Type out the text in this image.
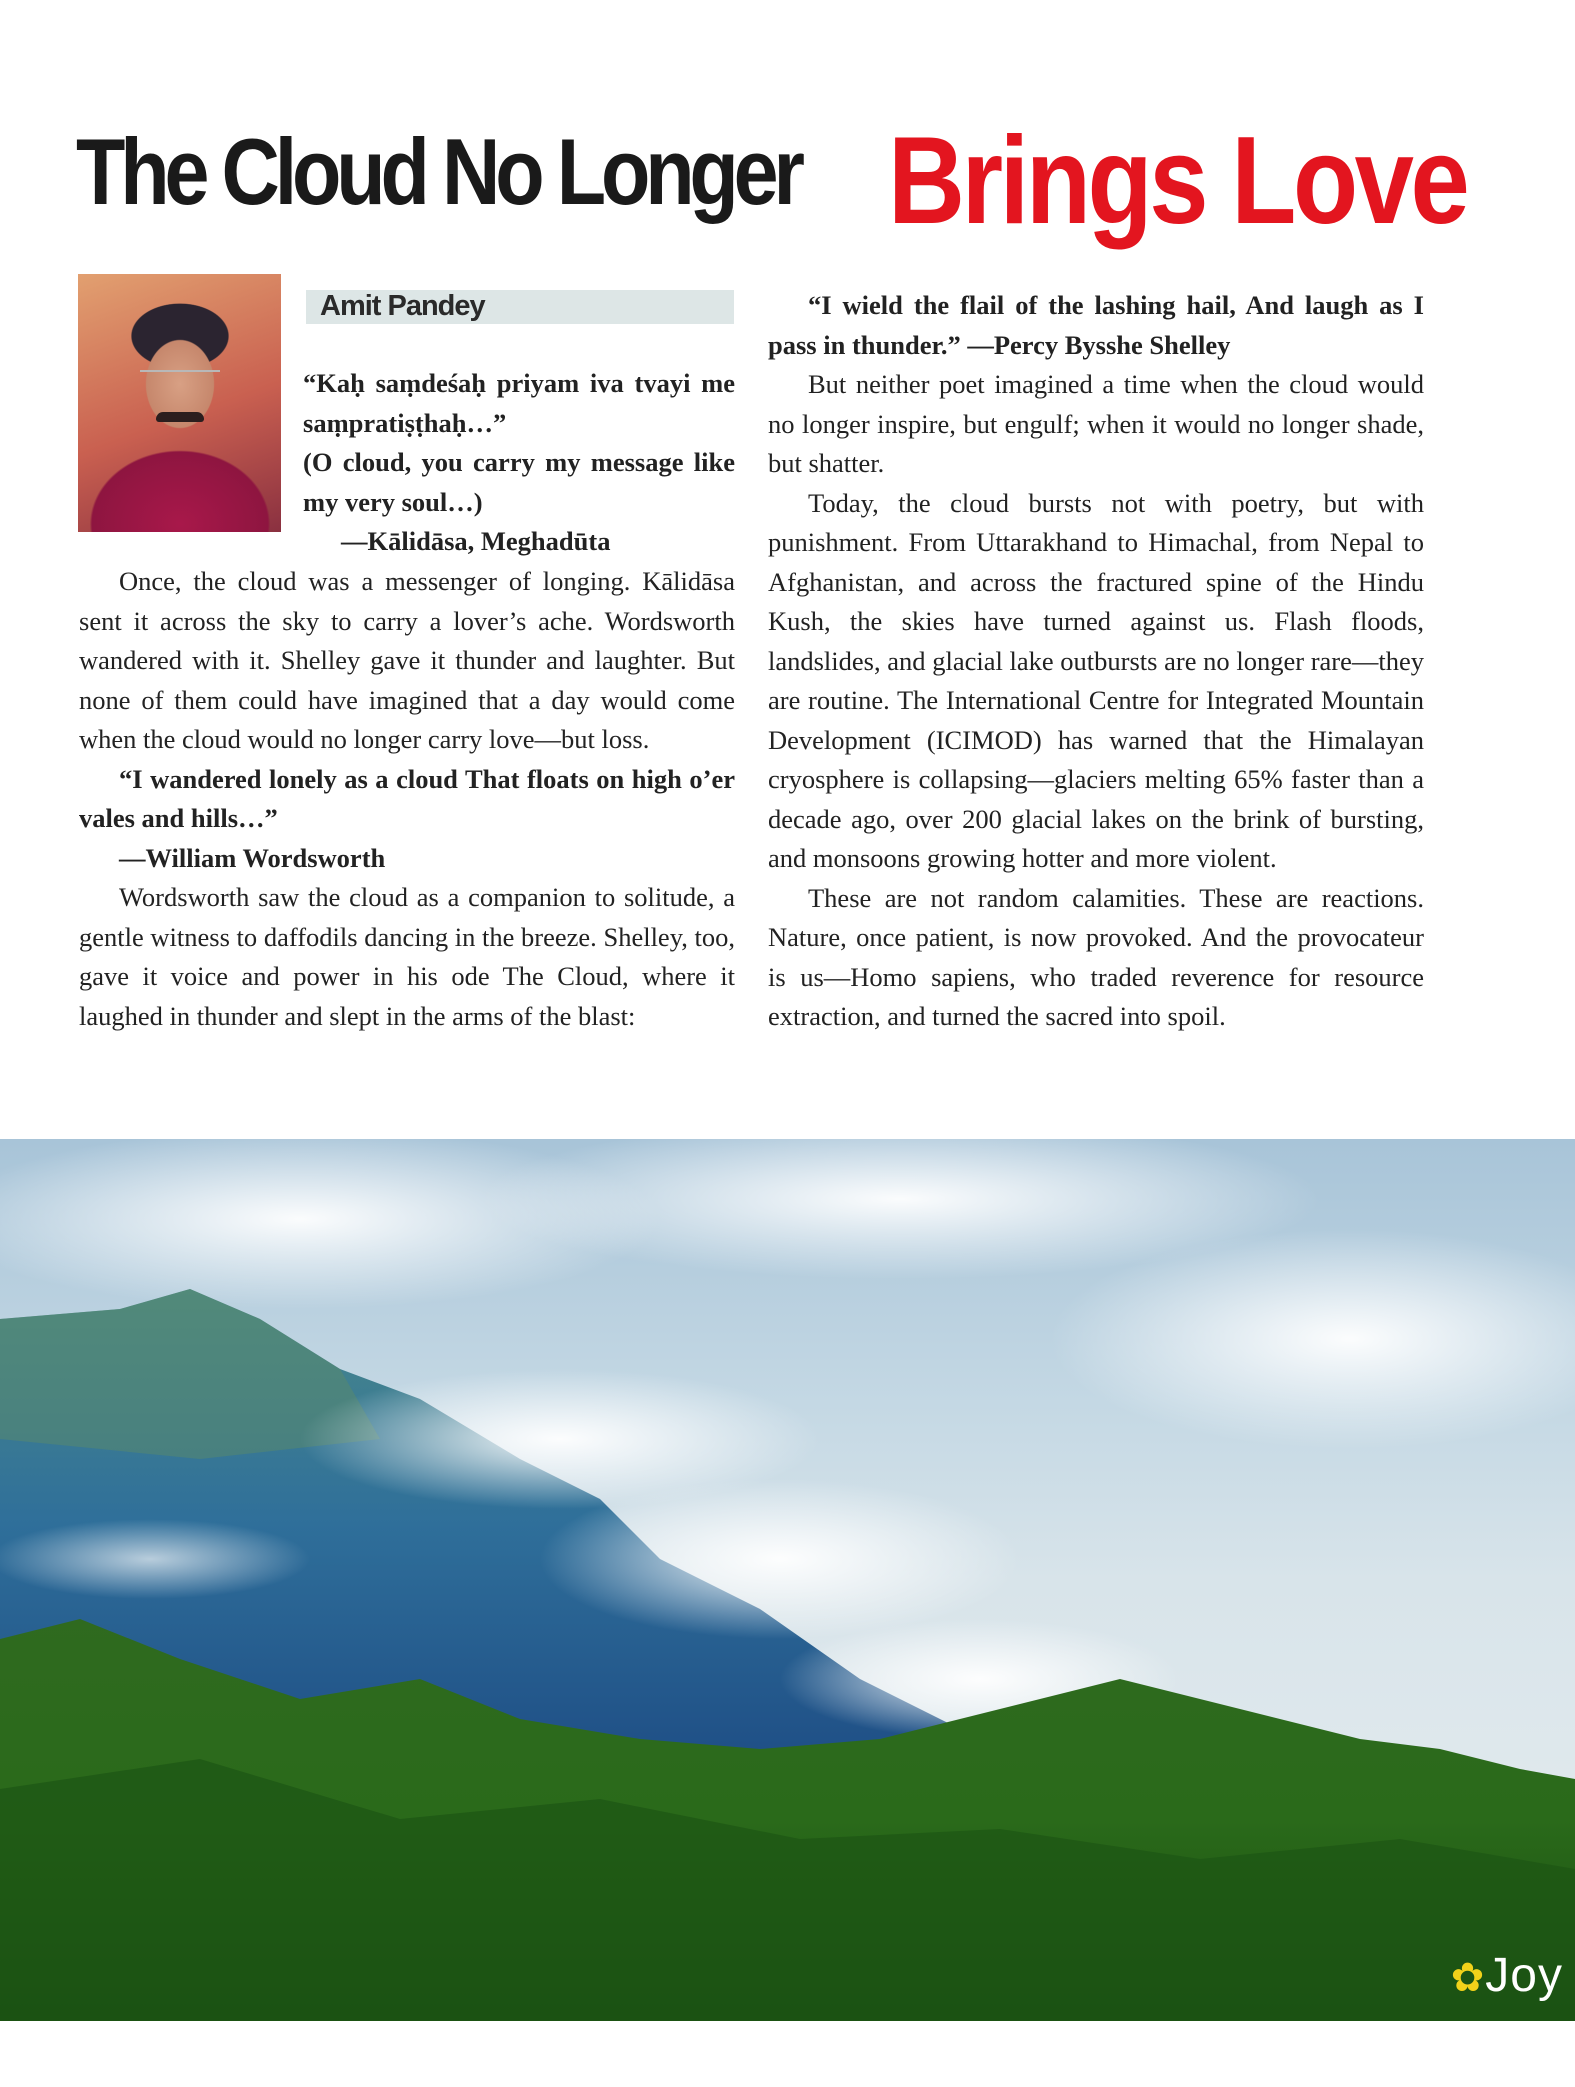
The Cloud No Longer Brings Love
Amit Pandey

“Kaḥ saṃdeśaḥ priyam iva tvayi me saṃpratiṣṭhaḥ…”

(O cloud, you carry my message like my very soul…)

—Kālidāsa, Meghadūta

Once, the cloud was a messenger of longing. Kālidāsa sent it across the sky to carry a lover’s ache. Wordsworth wandered with it. Shelley gave it thunder and laughter. But none of them could have imagined that a day would come when the cloud would no longer carry love—but loss.

“I wandered lonely as a cloud That floats on high o’er vales and hills…”

—William Wordsworth

Wordsworth saw the cloud as a companion to solitude, a gentle witness to daffodils dancing in the breeze. Shelley, too, gave it voice and power in his ode The Cloud, where it laughed in thunder and slept in the arms of the blast:

“I wield the flail of the lashing hail, And laugh as I pass in thunder.” —Percy Bysshe Shelley

But neither poet imagined a time when the cloud would no longer inspire, but engulf; when it would no longer shade, but shatter.

Today, the cloud bursts not with poetry, but with punishment. From Uttarakhand to Himachal, from Nepal to Afghanistan, and across the fractured spine of the Hindu Kush, the skies have turned against us. Flash floods, landslides, and glacial lake outbursts are no longer rare—they are routine. The International Centre for Integrated Mountain Development (ICIMOD) has warned that the Himalayan cryosphere is collapsing—glaciers melting 65% faster than a decade ago, over 200 glacial lakes on the brink of bursting, and monsoons growing hotter and more violent.

These are not random calamities. These are reactions. Nature, once patient, is now provoked. And the provocateur is us—Homo sapiens, who traded reverence for resource extraction, and turned the sacred into spoil.

✿Joy
